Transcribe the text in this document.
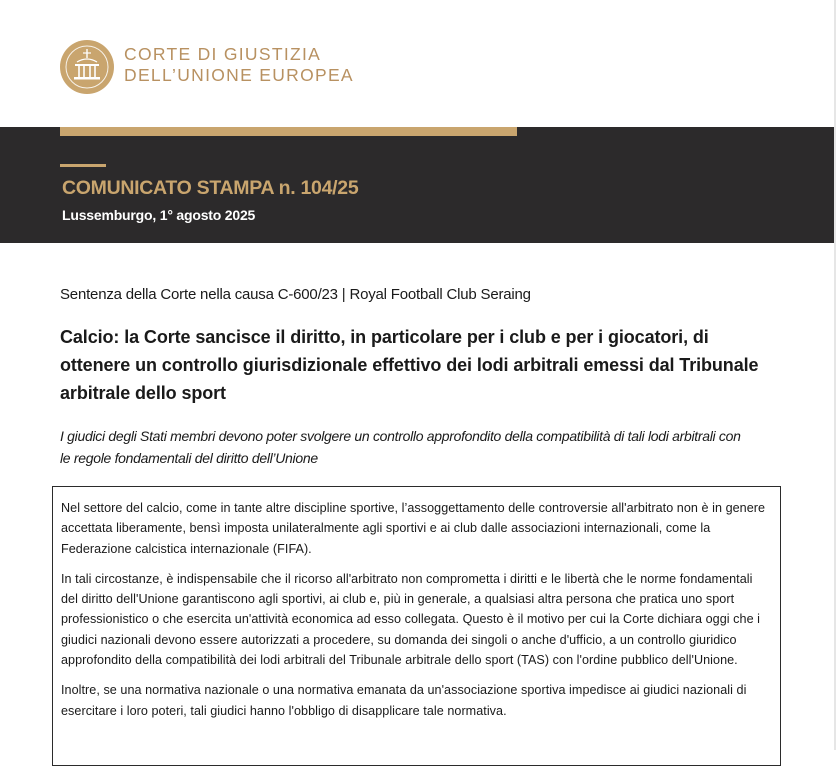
CORTE DI GIUSTIZIA
DELL’UNIONE EUROPEA
COMUNICATO STAMPA n. 104/25
Lussemburgo, 1° agosto 2025
Sentenza della Corte nella causa C-600/23 | Royal Football Club Seraing
Calcio: la Corte sancisce il diritto, in particolare per i club e per i giocatori, di ottenere un controllo giurisdizionale effettivo dei lodi arbitrali emessi dal Tribunale arbitrale dello sport

I giudici degli Stati membri devono poter svolgere un controllo approfondito della compatibilità di tali lodi arbitrali con le regole fondamentali del diritto dell’Unione

Nel settore del calcio, come in tante altre discipline sportive, l’assoggettamento delle controversie all'arbitrato non è in genere accettata liberamente, bensì imposta unilateralmente agli sportivi e ai club dalle associazioni internazionali, come la Federazione calcistica internazionale (FIFA).

In tali circostanze, è indispensabile che il ricorso all'arbitrato non comprometta i diritti e le libertà che le norme fondamentali del diritto dell'Unione garantiscono agli sportivi, ai club e, più in generale, a qualsiasi altra persona che pratica uno sport professionistico o che esercita un'attività economica ad esso collegata. Questo è il motivo per cui la Corte dichiara oggi che i giudici nazionali devono essere autorizzati a procedere, su domanda dei singoli o anche d'ufficio, a un controllo giuridico approfondito della compatibilità dei lodi arbitrali del Tribunale arbitrale dello sport (TAS) con l'ordine pubblico dell'Unione.

Inoltre, se una normativa nazionale o una normativa emanata da un'associazione sportiva impedisce ai giudici nazionali di esercitare i loro poteri, tali giudici hanno l'obbligo di disapplicare tale normativa.
